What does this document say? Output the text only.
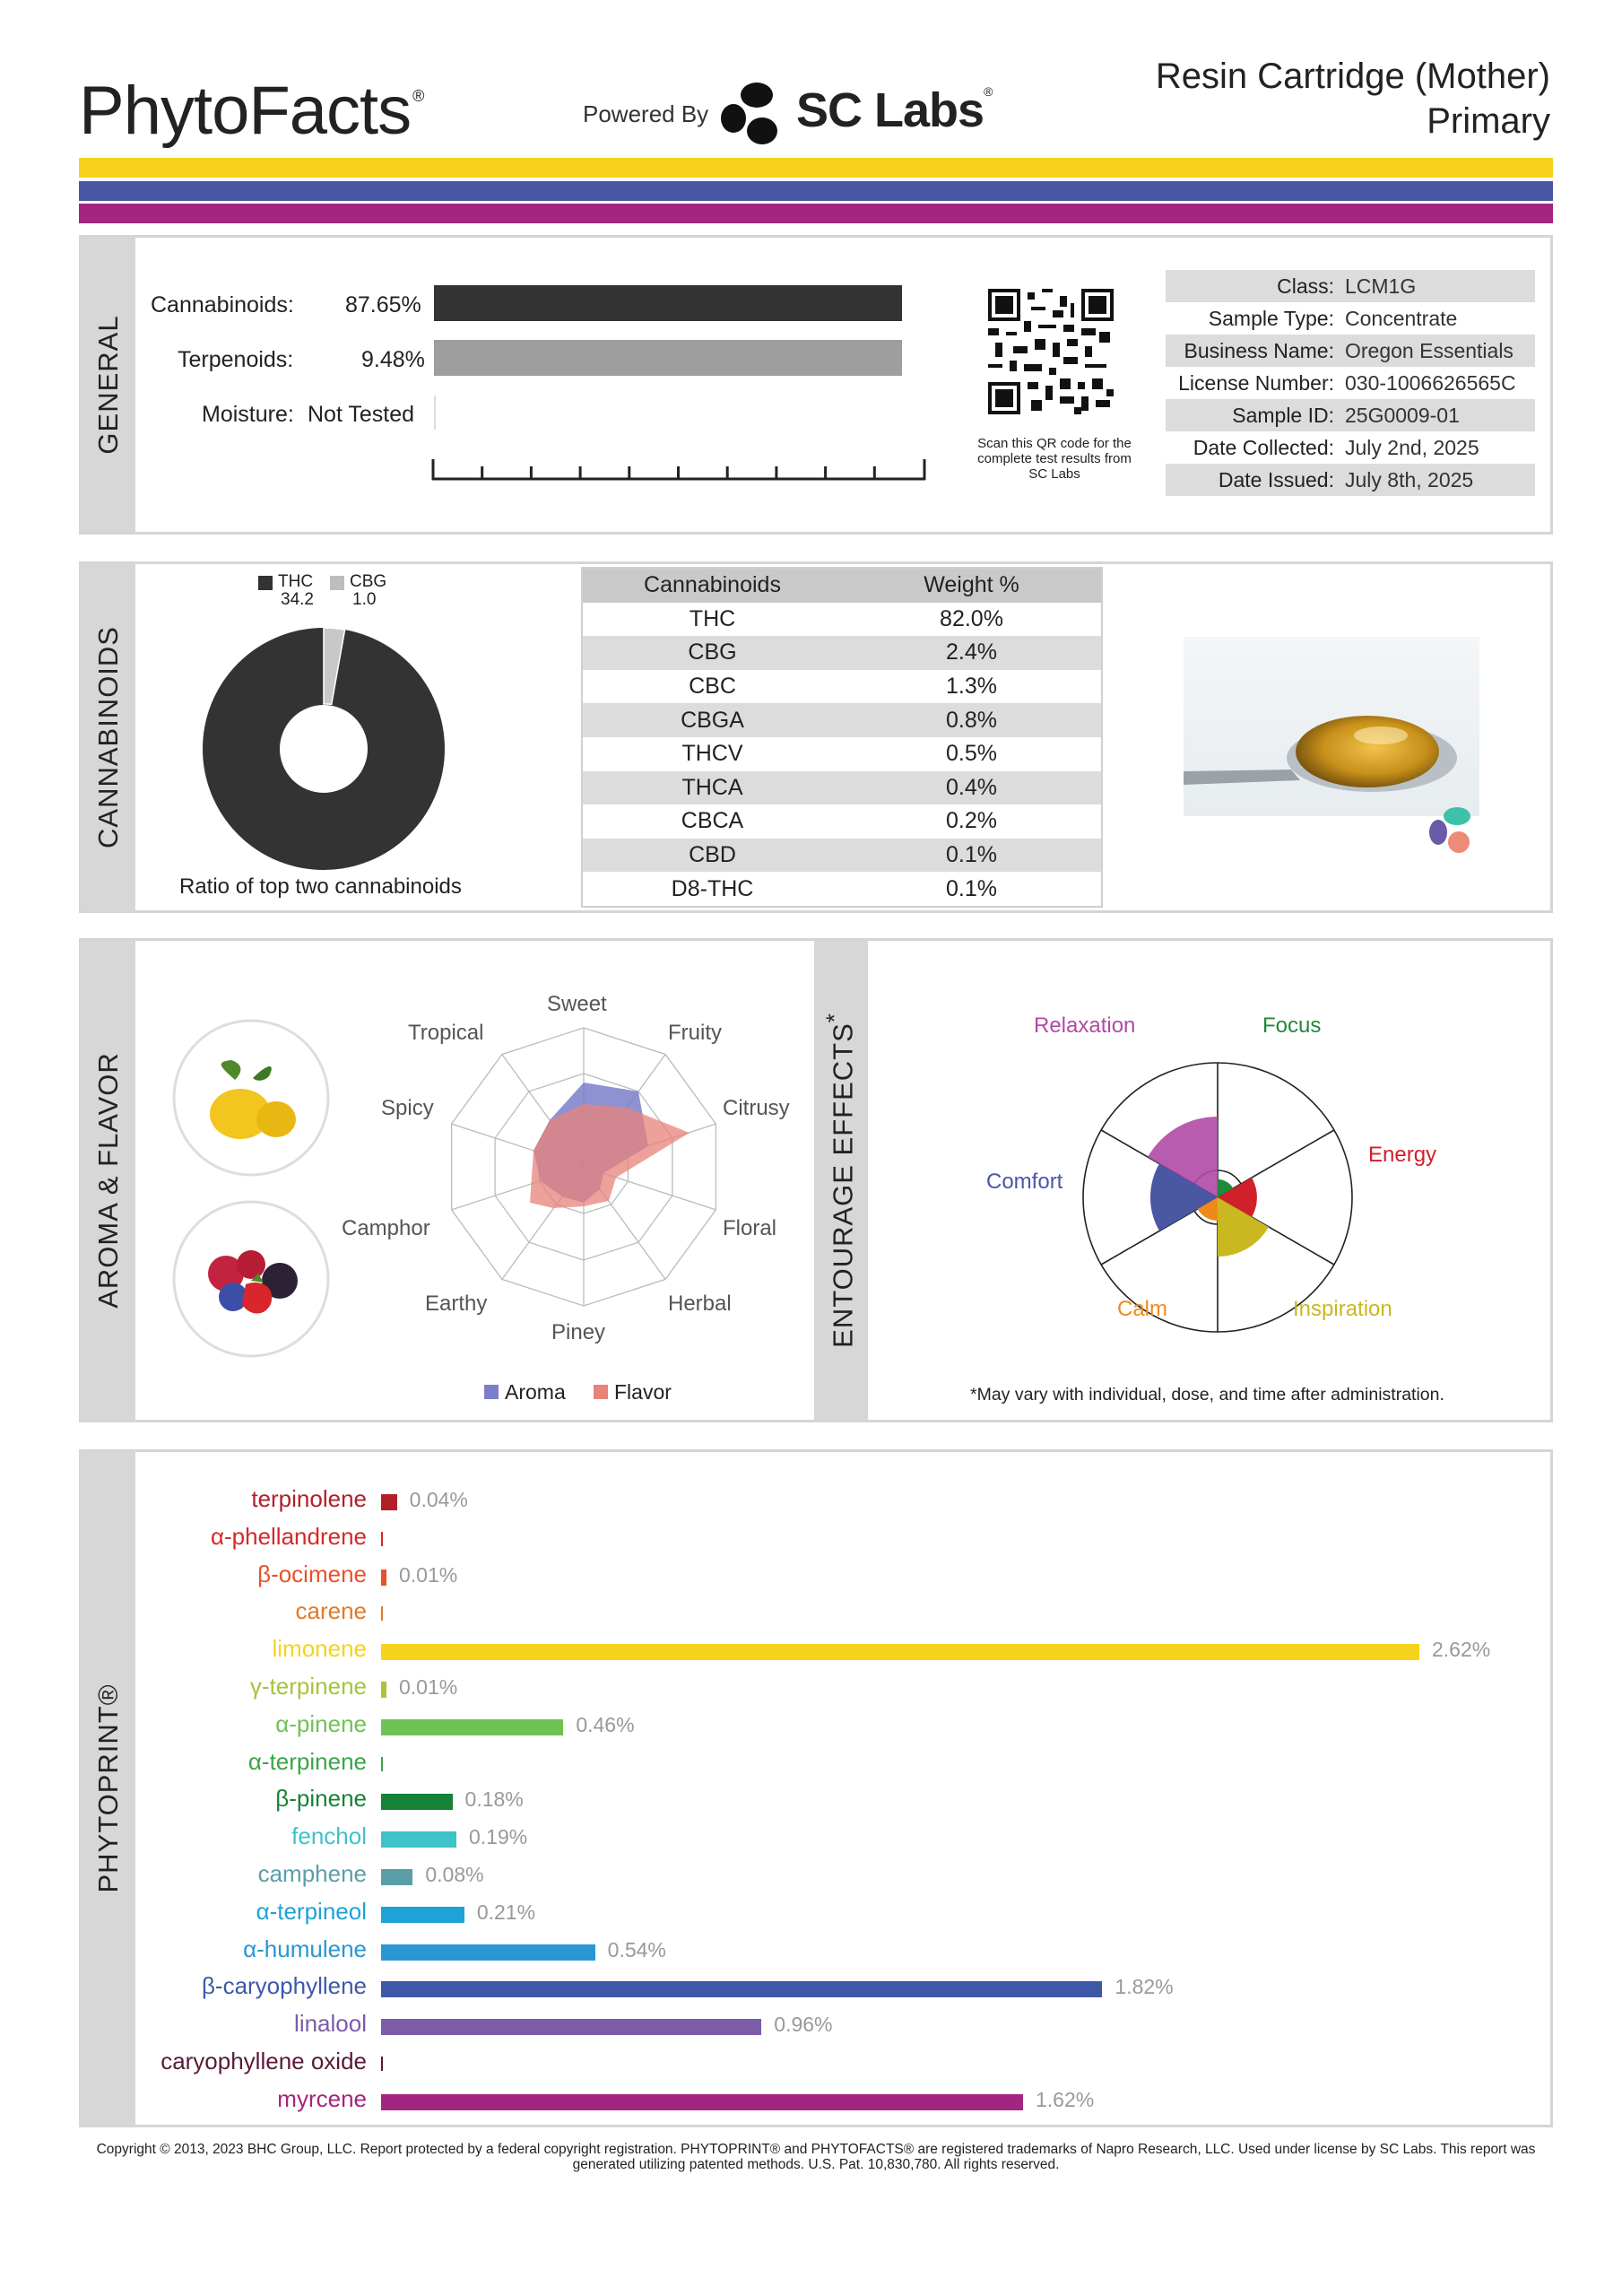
PhytoFacts ®
Powered By SC Labs®	Resin Cartridge (Mother)
Primary
GENERAL
Cannabinoids: 87.65%
Terpenoids:	9.48%
Moisture: Not Tested
Scan this QR code for the complete test results from SC Labs
Class: LCM1G
Sample Type: Concentrate
Business Name: Oregon Essentials
License Number: 030-1006626565C
Sample ID: 25G0009-01
Date Collected: July 2nd, 2025
Date Issued: July 8th, 2025
CANNABINOIDS
THC
34.2
CBG
1.0
Ratio of top two cannabinoids
Cannabinoids	Weight %
THC	82.0%
CBG	2.4%
CBC	1.3%
CBGA	0.8%
THCV	0.5%
THCA	0.4%
CBCA	0.2%
CBD	0.1%
D8-THC	0.1%
AROMA & FLAVOR	ENTOURAGE EFFECTS*
Sweet
Fruity
Citrusy
Floral
Herbal
Piney
Earthy
Camphor
Spicy
Tropical
Aroma Flavor
Relaxation	Focus
Energy
Inspiration
Calm
Comfort
*May vary with individual, dose, and time after administration.
PHYTOPRINT®
terpinolene 0.04%
α-phellandrene
β-ocimene 0.01%
carene
limonene	2.62%
γ-terpinene 0.01%
α-pinene	0.46%
α-terpinene
β-pinene	0.18%
fenchol	0.19%
camphene	0.08%
α-terpineol	0.21%
α-humulene	0.54%
β-caryophyllene	1.82%
linalool	0.96%
caryophyllene oxide
myrcene	1.62%
Copyright © 2013, 2023 BHC Group, LLC. Report protected by a federal copyright registration. PHYTOPRINT® and PHYTOFACTS® are registered trademarks of Napro Research, LLC. Used under license by SC Labs. This report was generated utilizing patented methods. U.S. Pat. 10,830,780. All rights reserved.
